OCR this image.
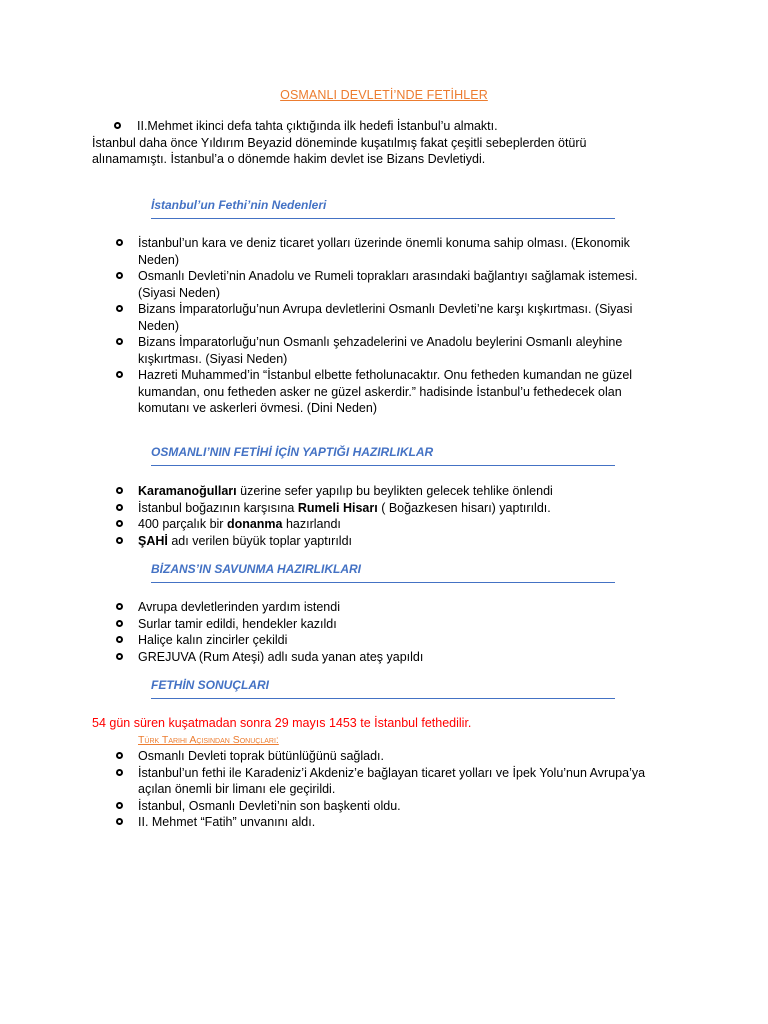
OSMANLI DEVLETİ’NDE FETİHLER
II.Mehmet ikinci defa tahta çıktığında ilk hedefi İstanbul’u almaktı.
İstanbul daha önce Yıldırım Beyazid döneminde kuşatılmış fakat çeşitli sebeplerden ötürü
alınamamıştı. İstanbul’a o dönemde hakim devlet ise Bizans Devletiydi.
İstanbul’un Fethi’nin Nedenleri
İstanbul’un kara ve deniz ticaret yolları üzerinde önemli konuma sahip olması. (Ekonomik Neden)
Osmanlı Devleti’nin Anadolu ve Rumeli toprakları arasındaki bağlantıyı sağlamak istemesi. (Siyasi Neden)
Bizans İmparatorluğu’nun Avrupa devletlerini Osmanlı Devleti’ne karşı kışkırtması. (Siyasi Neden)
Bizans İmparatorluğu’nun Osmanlı şehzadelerini ve Anadolu beylerini Osmanlı aleyhine kışkırtması. (Siyasi Neden)
Hazreti Muhammed’in “İstanbul elbette fetholunacaktır. Onu fetheden kumandan ne güzel kumandan, onu fetheden asker ne güzel askerdir.” hadisinde İstanbul’u fethedecek olan komutanı ve askerleri övmesi. (Dini Neden)
OSMANLI’NIN FETİHİ İÇİN YAPTIĞI HAZIRLIKLAR
Karamanoğulları üzerine sefer yapılıp bu beylikten gelecek tehlike önlendi
İstanbul boğazının karşısına Rumeli Hisarı ( Boğazkesen hisarı) yaptırıldı.
400 parçalık bir donanma hazırlandı
ŞAHİ adı verilen büyük toplar yaptırıldı
BİZANS’IN SAVUNMA HAZIRLIKLARI
Avrupa devletlerinden yardım istendi
Surlar tamir edildi, hendekler kazıldı
Haliçe kalın zincirler çekildi
GREJUVA (Rum Ateşi) adlı suda yanan ateş yapıldı
FETHİN SONUÇLARI
54 gün süren kuşatmadan sonra 29 mayıs 1453 te İstanbul fethedilir.
Türk Tarihi Açısından Sonuçları:
Osmanlı Devleti toprak bütünlüğünü sağladı.
İstanbul’un fethi ile Karadeniz’i Akdeniz’e bağlayan ticaret yolları ve İpek Yolu’nun Avrupa’ya açılan önemli bir limanı ele geçirildi.
İstanbul, Osmanlı Devleti’nin son başkenti oldu.
II. Mehmet “Fatih” unvanını aldı.
